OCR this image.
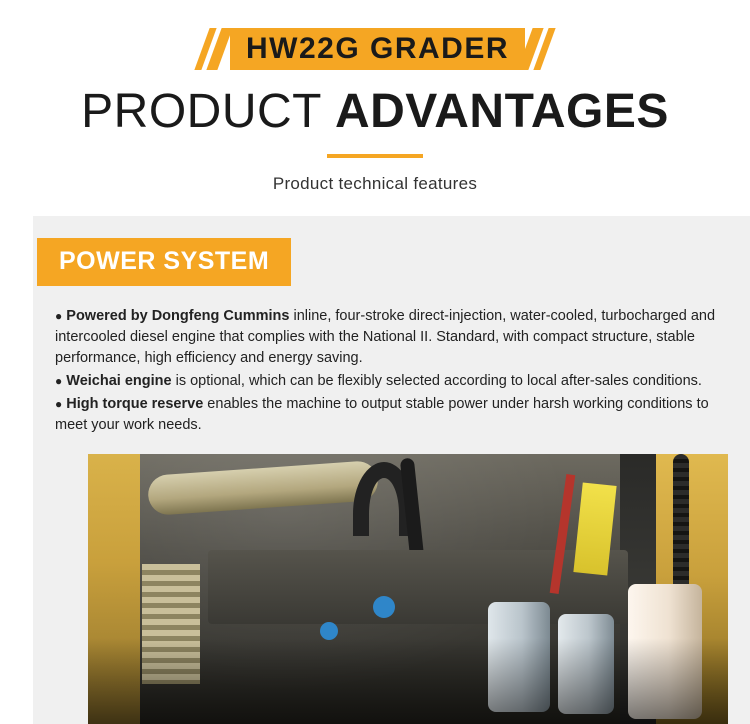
HW22G GRADER
PRODUCT ADVANTAGES
Product technical features
POWER SYSTEM
● Powered by Dongfeng Cummins inline, four-stroke direct-injection, water-cooled, turbocharged and intercooled diesel engine that complies with the National II. Standard, with compact structure, stable performance, high efficiency and energy saving.
● Weichai engine is optional, which can be flexibly selected according to local after-sales conditions.
● High torque reserve enables the machine to output stable power under harsh working conditions to meet your work needs.
